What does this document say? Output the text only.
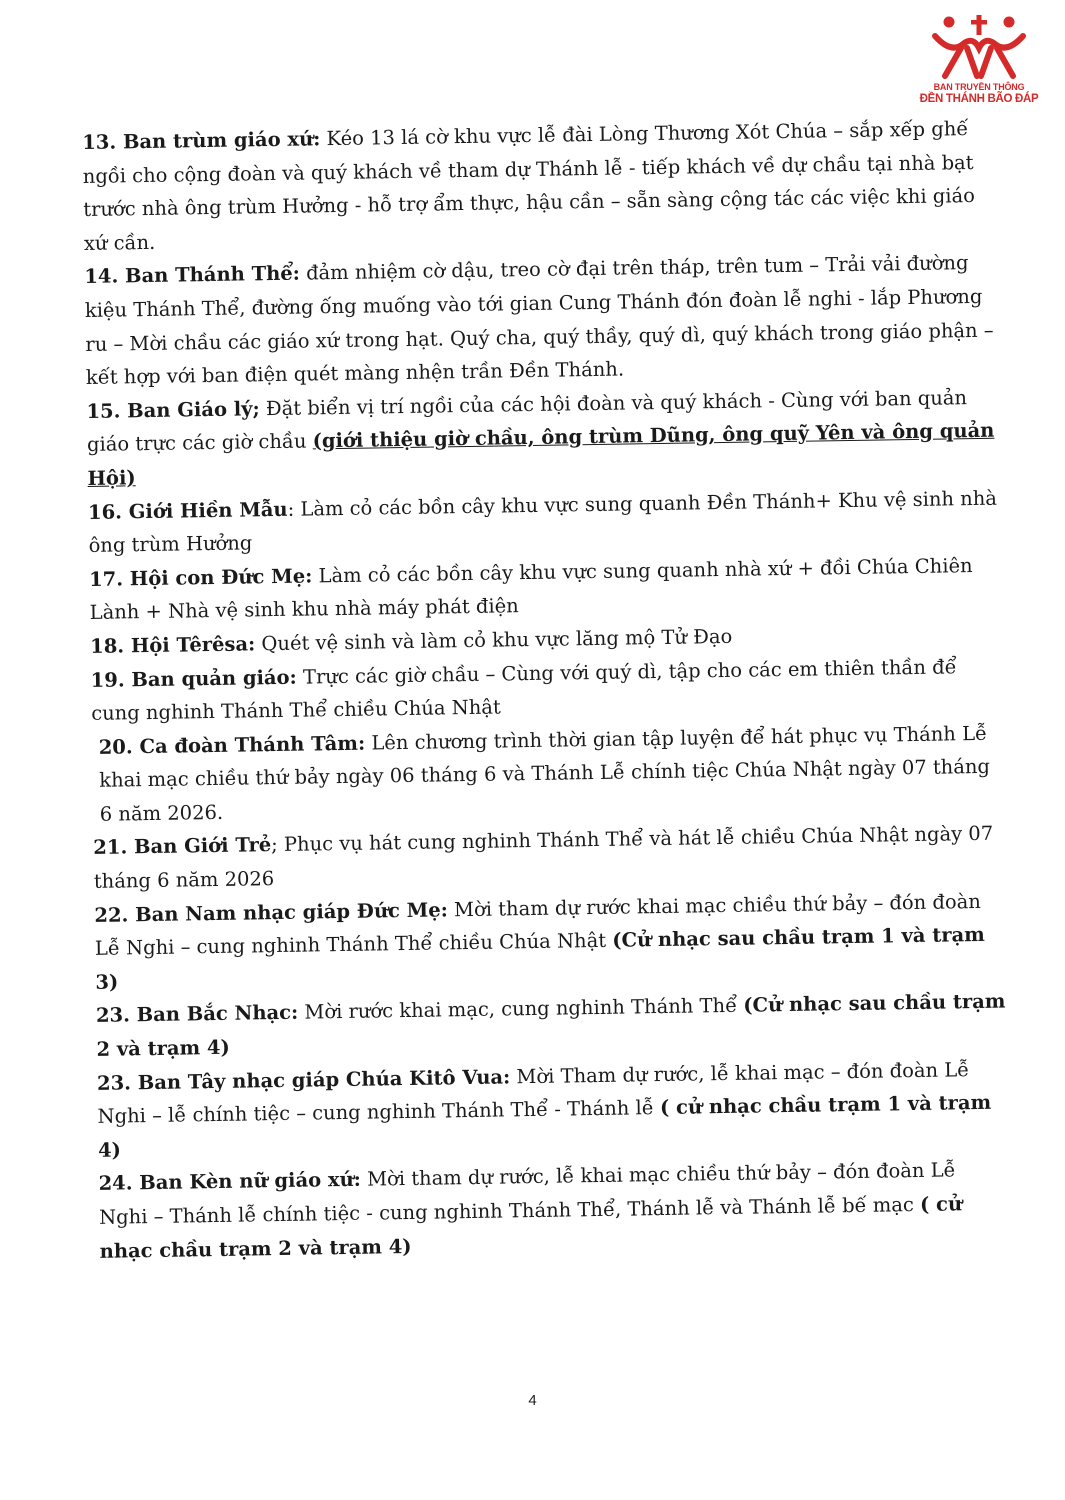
BAN TRUYỀN THÔNG
ĐỀN THÁNH BÃO ĐÁP

13. Ban trùm giáo xứ: Kéo 13 lá cờ khu vực lễ đài Lòng Thương Xót Chúa – sắp xếp ghế ngồi cho cộng đoàn và quý khách về tham dự Thánh lễ - tiếp khách về dự chầu tại nhà bạt trước nhà ông trùm Hưởng - hỗ trợ ẩm thực, hậu cần – sẵn sàng cộng tác các việc khi giáo xứ cần.

14. Ban Thánh Thể: đảm nhiệm cờ dậu, treo cờ đại trên tháp, trên tum – Trải vải đường kiệu Thánh Thể, đường ống muống vào tới gian Cung Thánh đón đoàn lễ nghi - lắp Phương ru – Mời chầu các giáo xứ trong hạt. Quý cha, quý thầy, quý dì, quý khách trong giáo phận – kết hợp với ban điện quét màng nhện trần Đền Thánh.

15. Ban Giáo lý; Đặt biển vị trí ngồi của các hội đoàn và quý khách - Cùng với ban quản giáo trực các giờ chầu (giới thiệu giờ chầu, ông trùm Dũng, ông quỹ Yên và ông quản Hội)

16. Giới Hiền Mẫu: Làm cỏ các bồn cây khu vực sung quanh Đền Thánh+ Khu vệ sinh nhà ông trùm Hưởng

17. Hội con Đức Mẹ: Làm cỏ các bồn cây khu vực sung quanh nhà xứ + đồi Chúa Chiên Lành + Nhà vệ sinh khu nhà máy phát điện

18. Hội Têrêsa: Quét vệ sinh và làm cỏ khu vực lăng mộ Tử Đạo

19. Ban quản giáo: Trực các giờ chầu – Cùng với quý dì, tập cho các em thiên thần để cung nghinh Thánh Thể chiều Chúa Nhật

20. Ca đoàn Thánh Tâm: Lên chương trình thời gian tập luyện để hát phục vụ Thánh Lễ khai mạc chiều thứ bảy ngày 06 tháng 6 và Thánh Lễ chính tiệc Chúa Nhật ngày 07 tháng 6 năm 2026.

21. Ban Giới Trẻ; Phục vụ hát cung nghinh Thánh Thể và hát lễ chiều Chúa Nhật ngày 07 tháng 6 năm 2026

22. Ban Nam nhạc giáp Đức Mẹ: Mời tham dự rước khai mạc chiều thứ bảy – đón đoàn Lễ Nghi – cung nghinh Thánh Thể chiều Chúa Nhật (Cử nhạc sau chầu trạm 1 và trạm 3)

23. Ban Bắc Nhạc: Mời rước khai mạc, cung nghinh Thánh Thể (Cử nhạc sau chầu trạm 2 và trạm 4)

23. Ban Tây nhạc giáp Chúa Kitô Vua: Mời Tham dự rước, lễ khai mạc – đón đoàn Lễ Nghi – lễ chính tiệc – cung nghinh Thánh Thể - Thánh lễ ( cử nhạc chầu trạm 1 và trạm 4)

24. Ban Kèn nữ giáo xứ: Mời tham dự rước, lễ khai mạc chiều thứ bảy – đón đoàn Lễ Nghi – Thánh lễ chính tiệc - cung nghinh Thánh Thể, Thánh lễ và Thánh lễ bế mạc ( cử nhạc chầu trạm 2 và trạm 4)

4
